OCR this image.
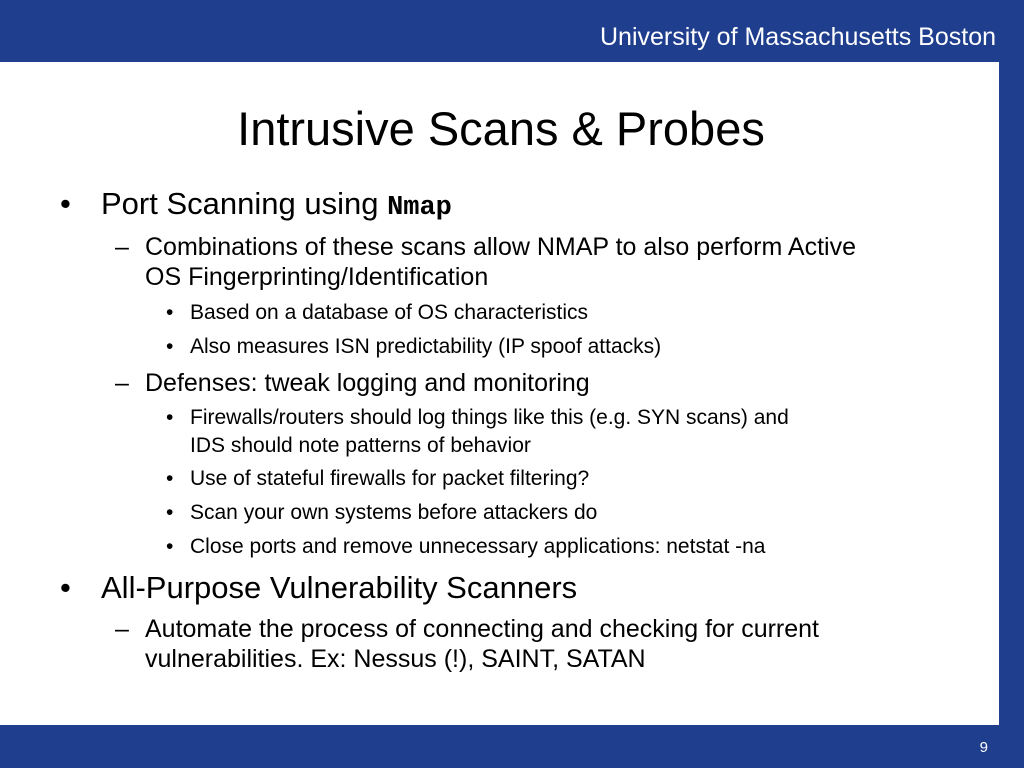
University of Massachusetts Boston
9
Intrusive Scans & Probes
• Port Scanning using Nmap
– Combinations of these scans allow NMAP to also perform Active
OS Fingerprinting/Identification
• Based on a database of OS characteristics
• Also measures ISN predictability (IP spoof attacks)
– Defenses: tweak logging and monitoring
• Firewalls/routers should log things like this (e.g. SYN scans) and
IDS should note patterns of behavior
• Use of stateful firewalls for packet filtering?
• Scan your own systems before attackers do
• Close ports and remove unnecessary applications: netstat -na
• All-Purpose Vulnerability Scanners
– Automate the process of connecting and checking for current
vulnerabilities. Ex: Nessus (!), SAINT, SATAN
